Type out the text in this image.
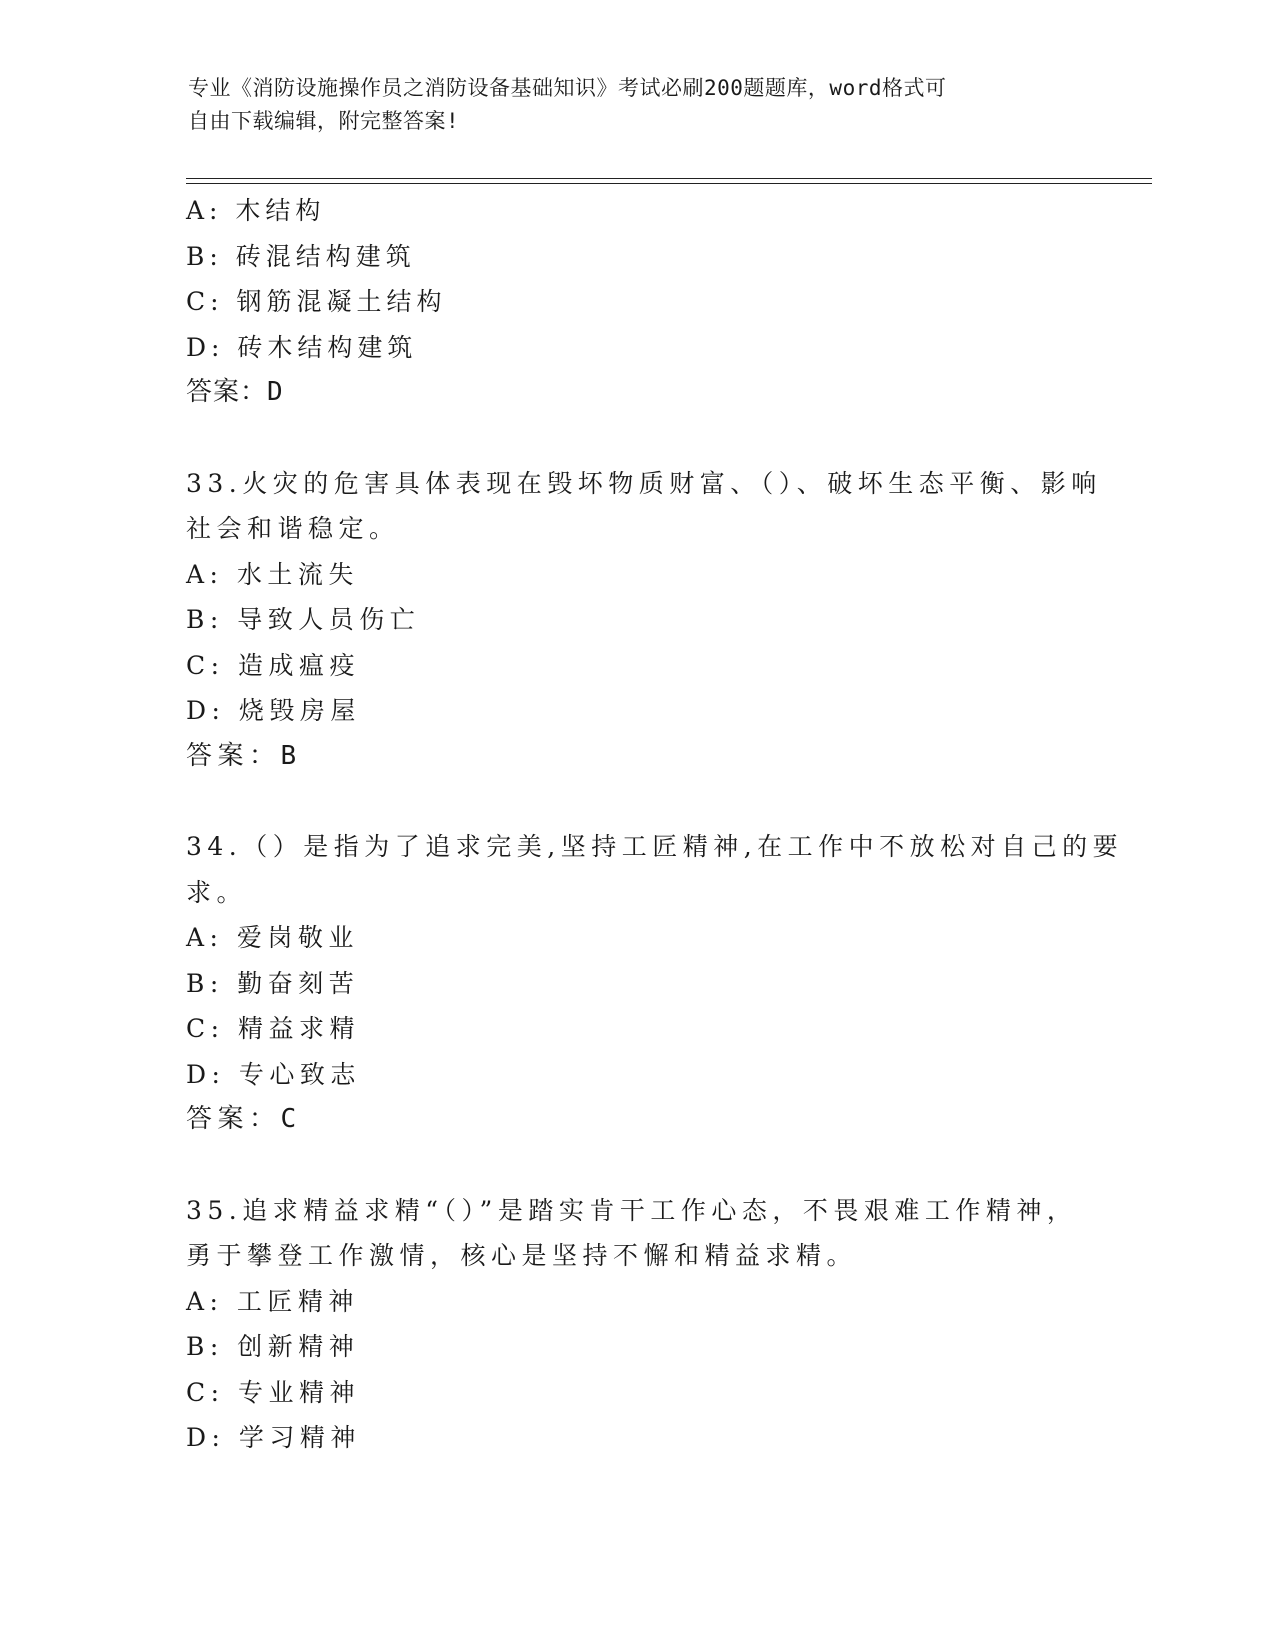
专业《消防设施操作员之消防设备基础知识》考试必刷200题题库，word格式可
自由下载编辑，附完整答案!
A: 木结构
B: 砖混结构建筑
C: 钢筋混凝土结构
D: 砖木结构建筑
答案：D
33.火灾的危害具体表现在毁坏物质财富、（）、破坏生态平衡、影响
社会和谐稳定。
A: 水土流失
B: 导致人员伤亡
C: 造成瘟疫
D: 烧毁房屋
答案：B
34.（）是指为了追求完美,坚持工匠精神,在工作中不放松对自己的要
求。
A: 爱岗敬业
B: 勤奋刻苦
C: 精益求精
D: 专心致志
答案：C
35.追求精益求精“（）”是踏实肯干工作心态，不畏艰难工作精神，
勇于攀登工作激情，核心是坚持不懈和精益求精。
A: 工匠精神
B: 创新精神
C: 专业精神
D: 学习精神
